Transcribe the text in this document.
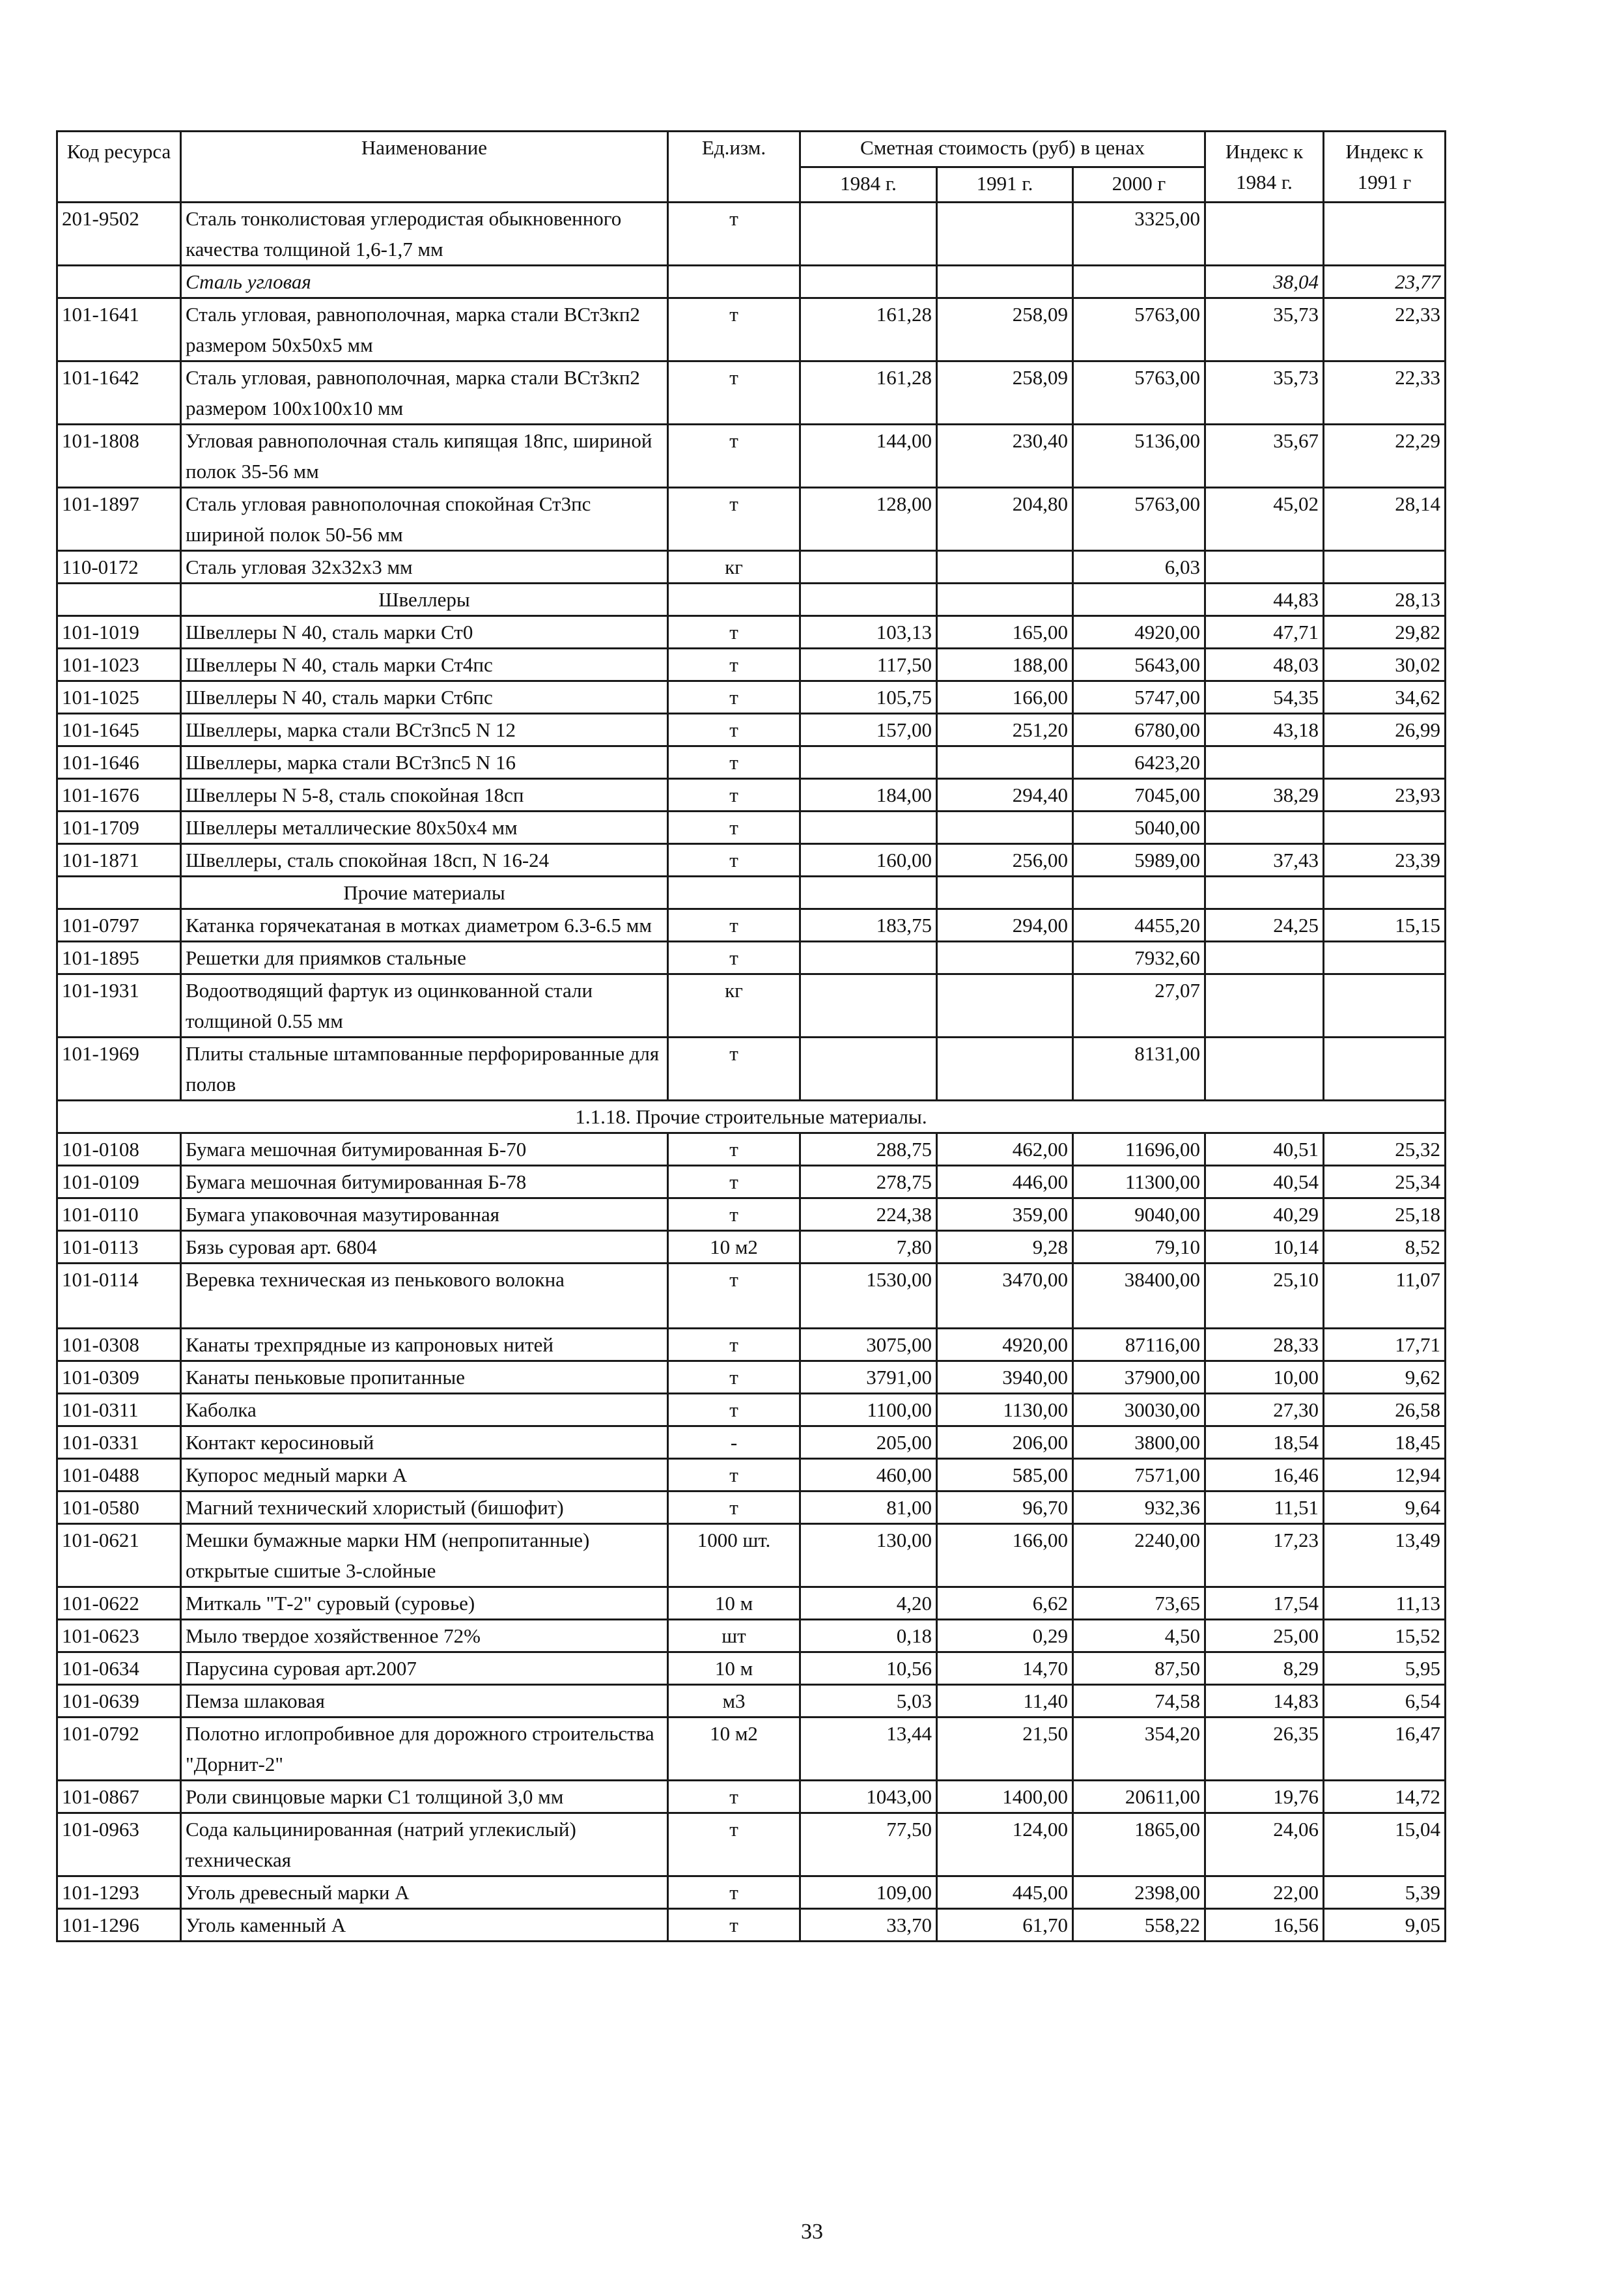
Код ресурса	Наименование	Ед.изм.	Сметная стоимость (руб) в ценах			Индекс к 1984 г.	Индекс к 1991 г
			1984 г.	1991 г.	2000 г		
201-9502	Сталь тонколистовая углеродистая обыкновенного качества толщиной 1,6-1,7 мм	т			3325,00		
	Сталь угловая					38,04	23,77
101-1641	Сталь угловая, равнополочная, марка стали ВСт3кп2 размером 50х50х5 мм	т	161,28	258,09	5763,00	35,73	22,33
101-1642	Сталь угловая, равнополочная, марка стали ВСт3кп2 размером 100х100х10 мм	т	161,28	258,09	5763,00	35,73	22,33
101-1808	Угловая равнополочная сталь кипящая 18пс, шириной полок 35-56 мм	т	144,00	230,40	5136,00	35,67	22,29
101-1897	Сталь угловая равнополочная спокойная Ст3пс шириной полок 50-56 мм	т	128,00	204,80	5763,00	45,02	28,14
110-0172	Сталь угловая 32х32х3 мм	кг			6,03		
	Швеллеры					44,83	28,13
101-1019	Швеллеры N 40, сталь марки Ст0	т	103,13	165,00	4920,00	47,71	29,82
101-1023	Швеллеры N 40, сталь марки Ст4пс	т	117,50	188,00	5643,00	48,03	30,02
101-1025	Швеллеры N 40, сталь марки Ст6пс	т	105,75	166,00	5747,00	54,35	34,62
101-1645	Швеллеры, марка стали ВСт3пс5 N 12	т	157,00	251,20	6780,00	43,18	26,99
101-1646	Швеллеры, марка стали ВСт3пс5 N 16	т			6423,20		
101-1676	Швеллеры N 5-8, сталь спокойная 18сп	т	184,00	294,40	7045,00	38,29	23,93
101-1709	Швеллеры металлические 80х50х4 мм	т			5040,00		
101-1871	Швеллеры, сталь спокойная 18сп, N 16-24	т	160,00	256,00	5989,00	37,43	23,39
	Прочие материалы						
101-0797	Катанка горячекатаная в мотках диаметром 6.3-6.5 мм	т	183,75	294,00	4455,20	24,25	15,15
101-1895	Решетки для приямков стальные	т			7932,60		
101-1931	Водоотводящий фартук из оцинкованной стали толщиной 0.55 мм	кг			27,07		
101-1969	Плиты стальные штампованные перфорированные для полов	т			8131,00		
1.1.18. Прочие строительные материалы.							
101-0108	Бумага мешочная битумированная Б-70	т	288,75	462,00	11696,00	40,51	25,32
101-0109	Бумага мешочная битумированная Б-78	т	278,75	446,00	11300,00	40,54	25,34
101-0110	Бумага упаковочная мазутированная	т	224,38	359,00	9040,00	40,29	25,18
101-0113	Бязь суровая арт. 6804	10 м2	7,80	9,28	79,10	10,14	8,52
101-0114	Веревка техническая из пенькового волокна	т	1530,00	3470,00	38400,00	25,10	11,07
101-0308	Канаты трехпрядные из капроновых нитей	т	3075,00	4920,00	87116,00	28,33	17,71
101-0309	Канаты пеньковые пропитанные	т	3791,00	3940,00	37900,00	10,00	9,62
101-0311	Каболка	т	1100,00	1130,00	30030,00	27,30	26,58
101-0331	Контакт керосиновый	-	205,00	206,00	3800,00	18,54	18,45
101-0488	Купорос медный марки А	т	460,00	585,00	7571,00	16,46	12,94
101-0580	Магний технический хлористый (бишофит)	т	81,00	96,70	932,36	11,51	9,64
101-0621	Мешки бумажные марки НМ (непропитанные) открытые сшитые 3-слойные	1000 шт.	130,00	166,00	2240,00	17,23	13,49
101-0622	Миткаль "Т-2" суровый (суровье)	10 м	4,20	6,62	73,65	17,54	11,13
101-0623	Мыло твердое хозяйственное 72%	шт	0,18	0,29	4,50	25,00	15,52
101-0634	Парусина суровая арт.2007	10 м	10,56	14,70	87,50	8,29	5,95
101-0639	Пемза шлаковая	м3	5,03	11,40	74,58	14,83	6,54
101-0792	Полотно иглопробивное для дорожного строительства "Дорнит-2"	10 м2	13,44	21,50	354,20	26,35	16,47
101-0867	Роли свинцовые марки С1 толщиной 3,0 мм	т	1043,00	1400,00	20611,00	19,76	14,72
101-0963	Сода кальцинированная (натрий углекислый) техническая	т	77,50	124,00	1865,00	24,06	15,04
101-1293	Уголь древесный марки А	т	109,00	445,00	2398,00	22,00	5,39
101-1296	Уголь каменный А	т	33,70	61,70	558,22	16,56	9,05
33
